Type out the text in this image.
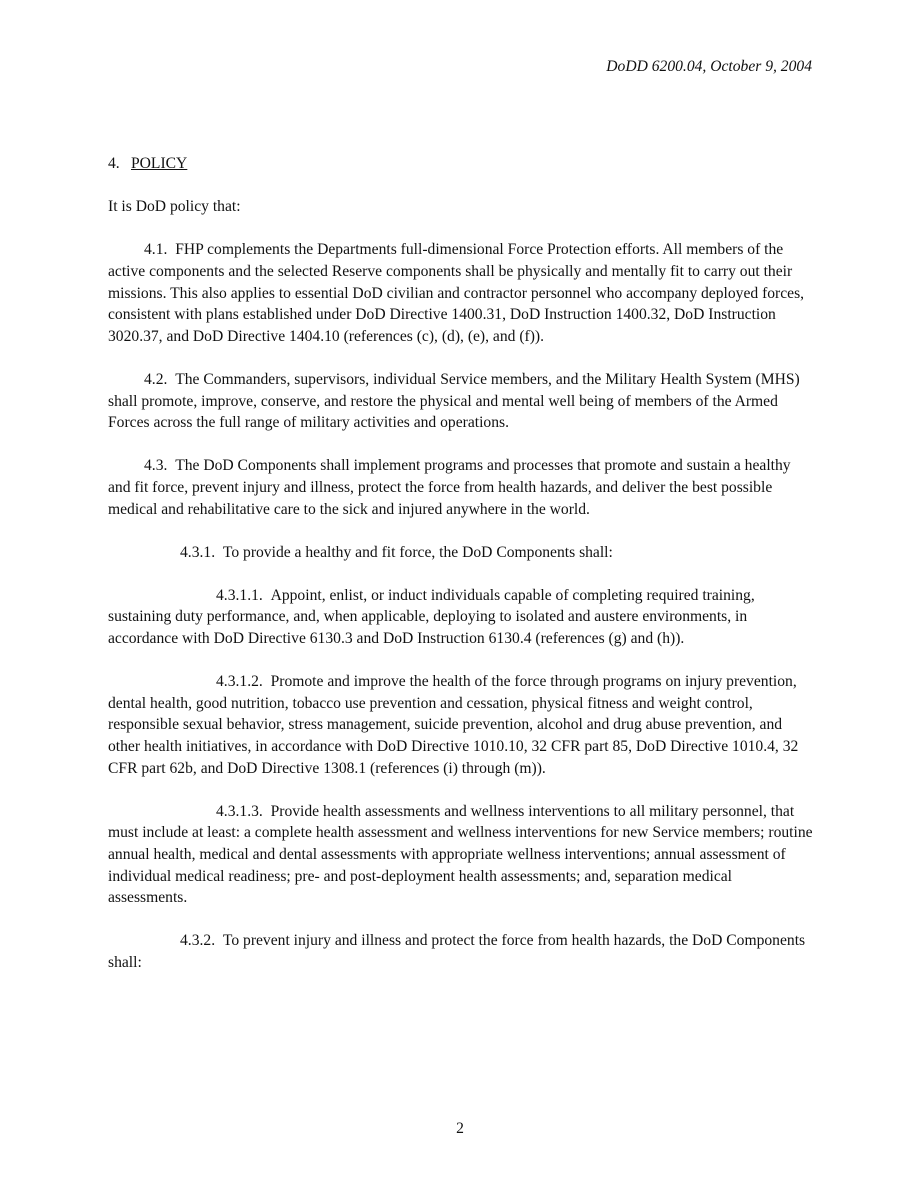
DoDD 6200.04, October 9, 2004

4. POLICY

It is DoD policy that:

4.1. FHP complements the Departments full-dimensional Force Protection efforts. All members of the active components and the selected Reserve components shall be physically and mentally fit to carry out their missions. This also applies to essential DoD civilian and contractor personnel who accompany deployed forces, consistent with plans established under DoD Directive 1400.31, DoD Instruction 1400.32, DoD Instruction 3020.37, and DoD Directive 1404.10 (references (c), (d), (e), and (f)).

4.2. The Commanders, supervisors, individual Service members, and the Military Health System (MHS) shall promote, improve, conserve, and restore the physical and mental well being of members of the Armed Forces across the full range of military activities and operations.

4.3. The DoD Components shall implement programs and processes that promote and sustain a healthy and fit force, prevent injury and illness, protect the force from health hazards, and deliver the best possible medical and rehabilitative care to the sick and injured anywhere in the world.

4.3.1. To provide a healthy and fit force, the DoD Components shall:

4.3.1.1. Appoint, enlist, or induct individuals capable of completing required training, sustaining duty performance, and, when applicable, deploying to isolated and austere environments, in accordance with DoD Directive 6130.3 and DoD Instruction 6130.4 (references (g) and (h)).

4.3.1.2. Promote and improve the health of the force through programs on injury prevention, dental health, good nutrition, tobacco use prevention and cessation, physical fitness and weight control, responsible sexual behavior, stress management, suicide prevention, alcohol and drug abuse prevention, and other health initiatives, in accordance with DoD Directive 1010.10, 32 CFR part 85, DoD Directive 1010.4, 32 CFR part 62b, and DoD Directive 1308.1 (references (i) through (m)).

4.3.1.3. Provide health assessments and wellness interventions to all military personnel, that must include at least: a complete health assessment and wellness interventions for new Service members; routine annual health, medical and dental assessments with appropriate wellness interventions; annual assessment of individual medical readiness; pre- and post-deployment health assessments; and, separation medical assessments.

4.3.2. To prevent injury and illness and protect the force from health hazards, the DoD Components shall:

2
